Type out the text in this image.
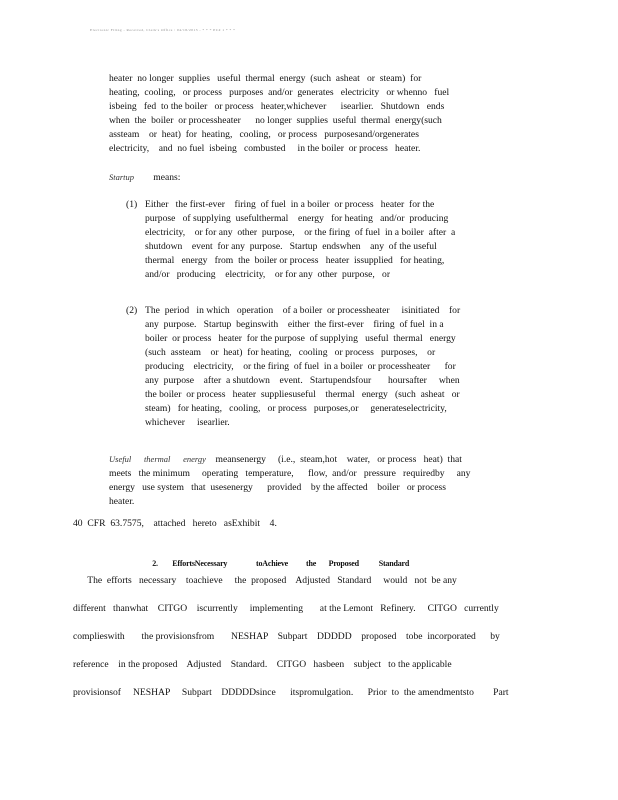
Electronic Filing - Received, Clerk's Office : 04/18/2013 - * * * PC# 1 * * *
heater  no longer  supplies   useful  thermal  energy  (such  asheat   or  steam)  for
heating,  cooling,   or process   purposes  and/or  generates   electricity   or whenno   fuel
isbeing   fed  to the boiler   or process   heater,whichever      isearlier.   Shutdown   ends
when  the  boiler  or processheater      no longer  supplies  useful  thermal  energy(such
assteam    or  heat)  for  heating,   cooling,   or process   purposesand/orgenerates
electricity,    and  no fuel  isbeing   combusted     in the boiler  or process   heater.
Startup means:
(1) Either   the first-ever    firing  of fuel  in a boiler  or process   heater  for the
purpose   of supplying  usefulthermal    energy   for heating   and/or  producing
electricity,    or for any  other  purpose,    or the firing  of fuel  in a boiler  after  a
shutdown    event  for any  purpose.   Startup  endswhen    any  of the useful
thermal   energy   from  the  boiler or process   heater  issupplied   for heating,
and/or   producing    electricity,    or for any  other  purpose,   or
(2) The  period   in which   operation    of a boiler  or processheater     isinitiated    for
any  purpose.   Startup  beginswith    either  the first-ever    firing  of fuel  in a
boiler  or process   heater  for the purpose  of supplying   useful  thermal   energy
(such  assteam    or  heat)  for heating,   cooling   or process   purposes,    or
producing    electricity,    or the firing  of fuel  in a boiler  or processheater      for
any  purpose    after  a shutdown    event.   Startupendsfour       hoursafter     when
the boiler  or process   heater  suppliesuseful    thermal   energy   (such  asheat   or
steam)   for heating,   cooling,   or process   purposes,or     generateselectricity,
whichever     isearlier.
Useful      thermal      energy meansenergy     (i.e.,  steam,hot    water,   or process   heat)  that
meets   the minimum     operating   temperature,      flow,  and/or   pressure   requiredby     any
energy   use system   that  usesenergy      provided    by the affected    boiler   or process
heater.
40  CFR  63.7575,    attached   hereto   asExhibit    4.

2. EffortsNecessary                toAchieve          the       Proposed           Standard

The  efforts   necessary    toachieve     the  proposed    Adjusted   Standard     would   not  be any
different   thanwhat    CITGO    iscurrently     implementing       at the Lemont   Refinery.     CITGO   currently
complieswith       the provisionsfrom       NESHAP    Subpart    DDDDD    proposed    tobe  incorporated      by
reference    in the proposed    Adjusted    Standard.    CITGO   hasbeen    subject   to the applicable
provisionsof     NESHAP     Subpart    DDDDDsince      itspromulgation.      Prior  to  the amendmentsto        Part
